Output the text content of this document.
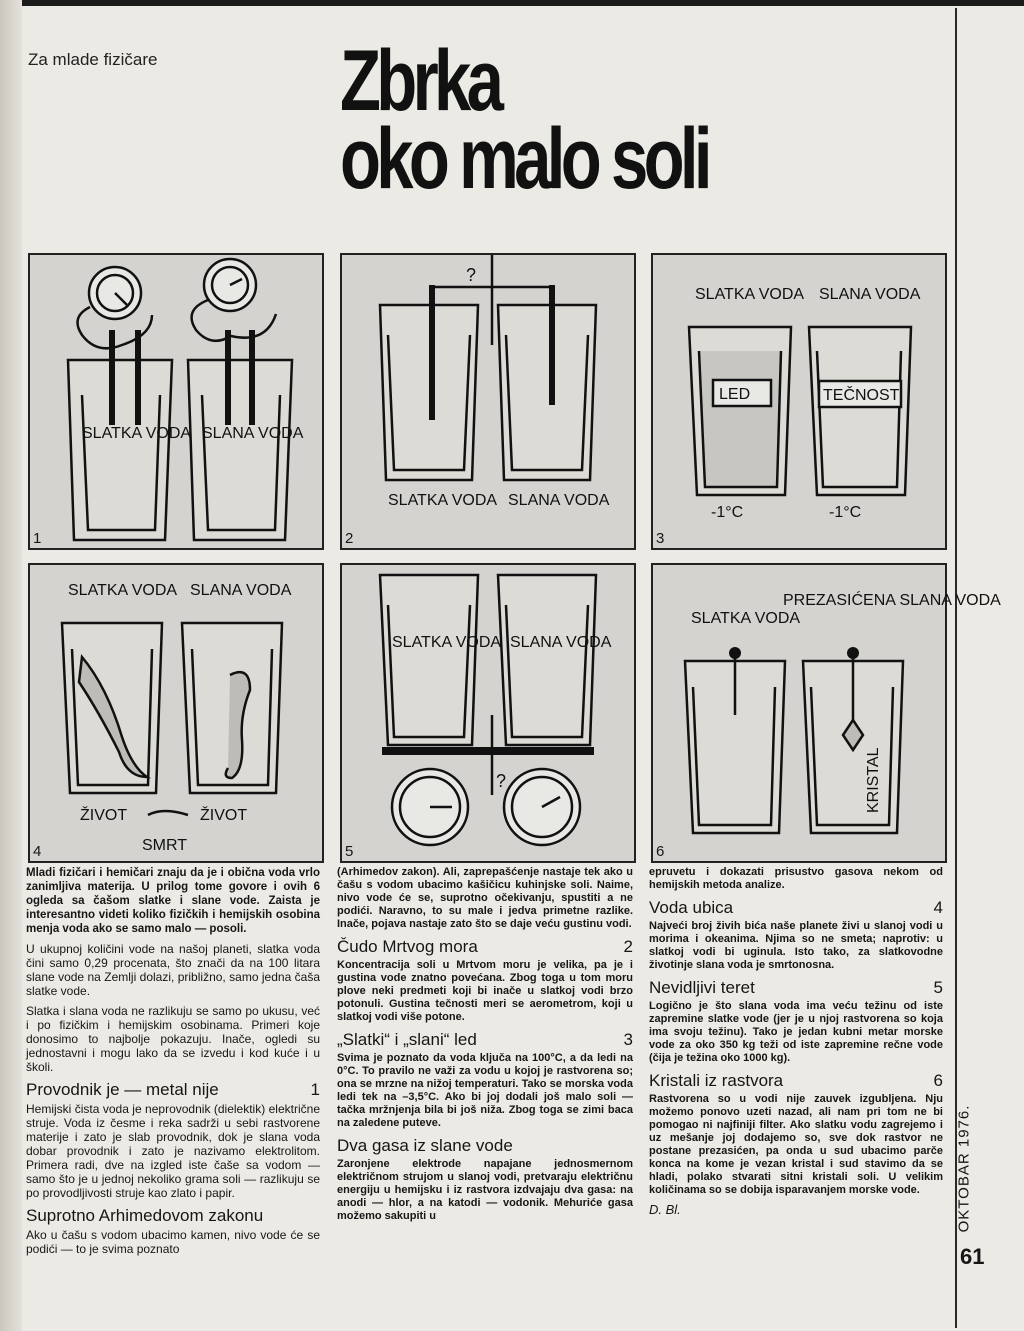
Za mlade fizičare Zbrka
oko malo soli
SLATKA VODA SLANA VODA
1
?
SLATKA VODA SLANA VODA
2
SLATKA VODA SLANA VODA
LED	TEČNOST
-1°C	-1°C
3
SLATKA VODA SLANA VODA
ŽIVOT	ŽIVOT
SMRT
4
SLATKA VODA SLANA VODA
?
5
SLATKA VODA
PREZASIĆENA SLANA VODA
KRISTAL
6

Mladi fizičari i hemičari znaju da je i obična voda vrlo zanimljiva materija. U prilog tome govore i ovih 6 ogleda sa čašom slatke i slane vode. Zaista je interesantno videti koliko fizičkih i hemijskih osobina menja voda ako se samo malo — posoli.

U ukupnoj količini vode na našoj planeti, slatka voda čini samo 0,29 procenata, što znači da na 100 litara slane vode na Zemlji dolazi, približno, samo jedna čaša slatke vode.

Slatka i slana voda ne razlikuju se samo po ukusu, već i po fizičkim i hemijskim osobinama. Primeri koje donosimo to najbolje pokazuju. Inače, ogledi su jednostavni i mogu lako da se izvedu i kod kuće i u školi.

Provodnik je — metal nije	1

Hemijski čista voda je neprovodnik (dielektik) električne struje. Voda iz česme i reka sadrži u sebi rastvorene materije i zato je slab provodnik, dok je slana voda dobar provodnik i zato je nazivamo elektrolitom. Primera radi, dve na izgled iste čaše sa vodom — samo što je u jednoj nekoliko grama soli — razlikuju se po provodljivosti struje kao zlato i papir.

Suprotno Arhimedovom zakonu

Ako u čašu s vodom ubacimo kamen, nivo vode će se podići — to je svima poznato

(Arhimedov zakon). Ali, zaprepašćenje nastaje tek ako u čašu s vodom ubacimo kašičicu kuhinjske soli. Naime, nivo vode će se, suprotno očekivanju, spustiti a ne podići. Naravno, to su male i jedva primetne razlike. Inače, pojava nastaje zato što se daje veću gustinu vodi.

Čudo Mrtvog mora	2

Koncentracija soli u Mrtvom moru je velika, pa je i gustina vode znatno povećana. Zbog toga u tom moru plove neki predmeti koji bi inače u slatkoj vodi brzo potonuli. Gustina tečnosti meri se aerometrom, koji u slatkoj vodi više potone.

„Slatki“ i „slani“ led	3

Svima je poznato da voda ključa na 100°C, a da ledi na 0°C. To pravilo ne važi za vodu u kojoj je rastvorena so; ona se mrzne na nižoj temperaturi. Tako se morska voda ledi tek na –3,5°C. Ako bi joj dodali još malo soli — tačka mržnjenja bila bi još niža. Zbog toga se zimi baca na zaledene puteve.

Dva gasa iz slane vode

Zaronjene elektrode napajane jednosmernom električnom strujom u slanoj vodi, pretvaraju električnu energiju u hemijsku i iz rastvora izdvajaju dva gasa: na anodi — hlor, a na katodi — vodonik. Mehuriće gasa možemo sakupiti u

epruvetu i dokazati prisustvo gasova nekom od hemijskih metoda analize.

Voda ubica	4

Najveći broj živih bića naše planete živi u slanoj vodi u morima i okeanima. Njima so ne smeta; naprotiv: u slatkoj vodi bi uginula. Isto tako, za slatkovodne životinje slana voda je smrtonosna.

Nevidljivi teret	5

Logično je što slana voda ima veću težinu od iste zapremine slatke vode (jer je u njoj rastvorena so koja ima svoju težinu). Tako je jedan kubni metar morske vode za oko 350 kg teži od iste zapremine rečne vode (čija je težina oko 1000 kg).

Kristali iz rastvora	6

Rastvorena so u vodi nije zauvek izgubljena. Nju možemo ponovo uzeti nazad, ali nam pri tom ne bi pomogao ni najfiniji filter. Ako slatku vodu zagrejemo i uz mešanje joj dodajemo so, sve dok rastvor ne postane prezasićen, pa onda u sud ubacimo parče konca na kome je vezan kristal i sud stavimo da se hladi, polako stvarati sitni kristali soli. U velikim količinama so se dobija isparavanjem morske vode.

D. Bl.	OKTOBAR 1976.
61
